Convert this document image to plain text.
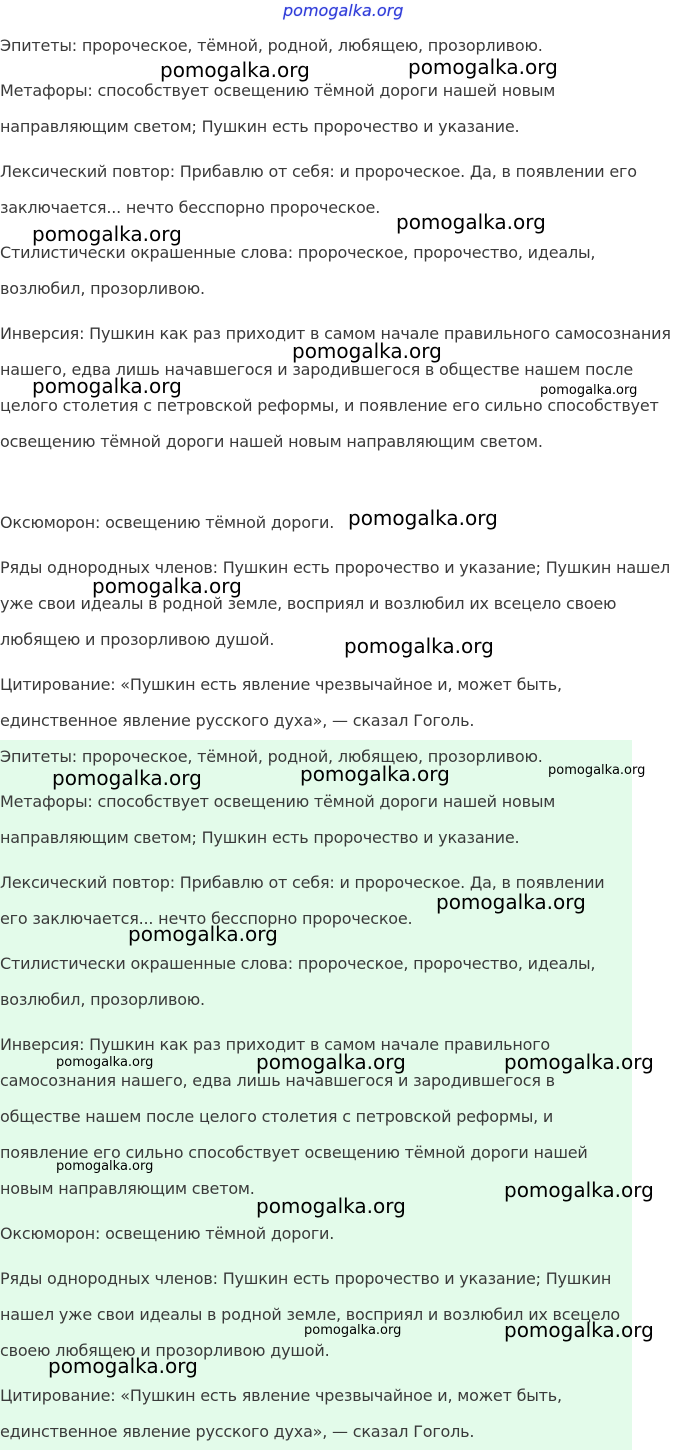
pomogalka.org

Эпитеты: пророческое, тёмной, родной, любящею, прозорливою.

Метафоры: способствует освещению тёмной дороги нашей новым направляющим светом; Пушкин есть пророчество и указание.

Лексический повтор: Прибавлю от себя: и пророческое. Да, в появлении его заключается... нечто бесспорно пророческое.

Стилистически окрашенные слова: пророческое, пророчество, идеалы, возлюбил, прозорливою.

Инверсия: Пушкин как раз приходит в самом начале правильного самосознания нашего, едва лишь начавшегося и зародившегося в обществе нашем после целого столетия с петровской реформы, и появление его сильно способствует освещению тёмной дороги нашей новым направляющим светом.

Оксюморон: освещению тёмной дороги.

Ряды однородных членов: Пушкин есть пророчество и указание; Пушкин нашел уже свои идеалы в родной земле, восприял и возлюбил их всецело своею любящею и прозорливою душой.

Цитирование: «Пушкин есть явление чрезвычайное и, может быть, единственное явление русского духа», — сказал Гоголь.

Эпитеты: пророческое, тёмной, родной, любящею, прозорливою.

Метафоры: способствует освещению тёмной дороги нашей новым направляющим светом; Пушкин есть пророчество и указание.

Лексический повтор: Прибавлю от себя: и пророческое. Да, в появлении его заключается... нечто бесспорно пророческое.

Стилистически окрашенные слова: пророческое, пророчество, идеалы, возлюбил, прозорливою.

Инверсия: Пушкин как раз приходит в самом начале правильного самосознания нашего, едва лишь начавшегося и зародившегося в обществе нашем после целого столетия с петровской реформы, и появление его сильно способствует освещению тёмной дороги нашей новым направляющим светом.

Оксюморон: освещению тёмной дороги.

Ряды однородных членов: Пушкин есть пророчество и указание; Пушкин нашел уже свои идеалы в родной земле, восприял и возлюбил их всецело своею любящею и прозорливою душой.

Цитирование: «Пушкин есть явление чрезвычайное и, может быть, единственное явление русского духа», — сказал Гоголь.

pomogalka.org	pomogalka.org
pomogalka.org
pomogalka.org
pomogalka.org
pomogalka.org	pomogalka.org
pomogalka.org
pomogalka.org
pomogalka.org
pomogalka.org	pomogalka.org	pomogalka.org
pomogalka.org
pomogalka.org
pomogalka.org	pomogalka.org	pomogalka.org
pomogalka.org
pomogalka.org
pomogalka.org
pomogalka.org	pomogalka.org
pomogalka.org
